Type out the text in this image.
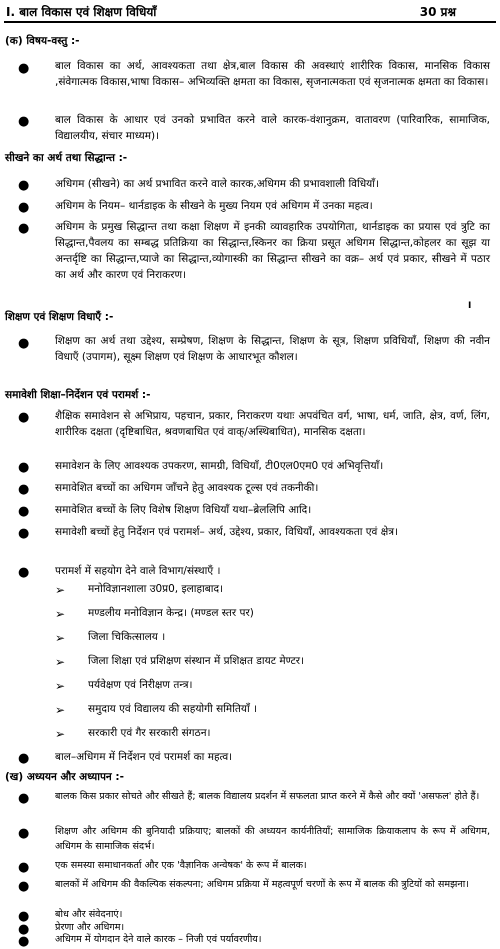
I. बाल विकास एवं शिक्षण विधियाँ	30 प्रश्न
(क) विषय-वस्तु :-
● बाल विकास का अर्थ, आवश्यकता तथा क्षेत्र,बाल विकास की अवस्थाएं शारीरिक विकास, मानसिक विकास ,संवेगात्मक विकास,भाषा विकास– अभिव्यक्ति क्षमता का विकास, सृजनात्मकता एवं सृजनात्मक क्षमता का विकास।
● बाल विकास के आधार एवं उनको प्रभावित करने वाले कारक-वंशानुक्रम, वातावरण (पारिवारिक, सामाजिक, विद्यालयीय, संचार माध्यम)।
सीखने का अर्थ तथा सिद्धान्त :-
● अधिगम (सीखने) का अर्थ प्रभावित करने वाले कारक,अधिगम की प्रभावशाली विधियाँ।
● अधिगम के नियम– थार्नडाइक के सीखने के मुख्य नियम एवं अधिगम में उनका महत्व।
● अधिगम के प्रमुख सिद्धान्त तथा कक्षा शिक्षण में इनकी व्यावहारिक उपयोगिता, थार्नडाइक का प्रयास एवं त्रुटि का सिद्धान्त,पैवलय का सम्बद्ध प्रतिक्रिया का सिद्धान्त,स्किनर का क्रिया प्रसूत अधिगम सिद्धान्त,कोहलर का सूझ या अन्तर्दृष्टि का सिद्धान्त,प्याजे का सिद्धान्त,व्योगास्की का सिद्धान्त सीखने का वक्र– अर्थ एवं प्रकार, सीखने में पठार का अर्थ और कारण एवं निराकरण।
I
शिक्षण एवं शिक्षण विधाएँ :-
● शिक्षण का अर्थ तथा उद्देश्य, सम्प्रेषण, शिक्षण के सिद्धान्त, शिक्षण के सूत्र, शिक्षण प्रविधियाँ, शिक्षण की नवीन विधाएँ (उपागम), सूक्ष्म शिक्षण एवं शिक्षण के आधारभूत कौशल।
समावेशी शिक्षा–निर्देशन एवं परामर्श :-
● शैक्षिक समावेशन से अभिप्राय, पहचान, प्रकार, निराकरण यथाः अपवंचित वर्ग, भाषा, धर्म, जाति, क्षेत्र, वर्ण, लिंग, शारीरिक दक्षता (दृष्टिबाधित, श्रवणबाधित एवं वाक्/अस्थिबाधित), मानसिक दक्षता।
● समावेशन के लिए आवश्यक उपकरण, सामग्री, विधियाँ, टी0एल0एम0 एवं अभिवृत्तियाँ।
● समावेशित बच्चों का अधिगम जाँचने हेतु आवश्यक टूल्स एवं तकनीकी।
● समावेशित बच्चों के लिए विशेष शिक्षण विधियाँ यथा–ब्रेललिपि आदि।
● समावेशी बच्चों हेतु निर्देशन एवं परामर्श– अर्थ, उद्देश्य, प्रकार, विधियाँ, आवश्यकता एवं क्षेत्र।
● परामर्श में सहयोग देने वाले विभाग/संस्थाएँ ।
➢ मनोविज्ञानशाला उ0प्र0, इलाहाबाद।
➢ मण्डलीय मनोविज्ञान केन्द्र। (मण्डल स्तर पर)
➢ जिला चिकित्सालय ।
➢ जिला शिक्षा एवं प्रशिक्षण संस्थान में प्रशिक्षत डायट मेण्टर।
➢ पर्यवेक्षण एवं निरीक्षण तन्त्र।
➢ समुदाय एवं विद्यालय की सहयोगी समितियाँ ।
➢ सरकारी एवं गैर सरकारी संगठन।
● बाल–अधिगम में निर्देशन एवं परामर्श का महत्व।
(ख) अध्ययन और अध्यापन :-
●	बालक किस प्रकार सोचते और सीखते हैं; बालक विद्यालय प्रदर्शन में सफलता प्राप्त करने में कैसे और क्यों 'असफल' होते हैं।
●	शिक्षण और अधिगम की बुनियादी प्रक्रियाए; बालकों की अध्ययन कार्यनीतियाँ; सामाजिक क्रियाकलाप के रूप में अधिगम, अधिगम के सामाजिक संदर्भ।
●	एक समस्या समाधानकर्ता और एक 'वैज्ञानिक अन्वेषक' के रूप में बालक।
●	बालकों में अधिगम की वैकल्पिक संकल्पना; अधिगम प्रक्रिया में महत्वपूर्ण चरणों के रूप में बालक की त्रुटियों को समझना।
●	बोध और संवेदनाएं।
●	प्रेरणा और अधिगम।
●	अधिगम में योगदान देने वाले कारक – निजी एवं पर्यावरणीय।
